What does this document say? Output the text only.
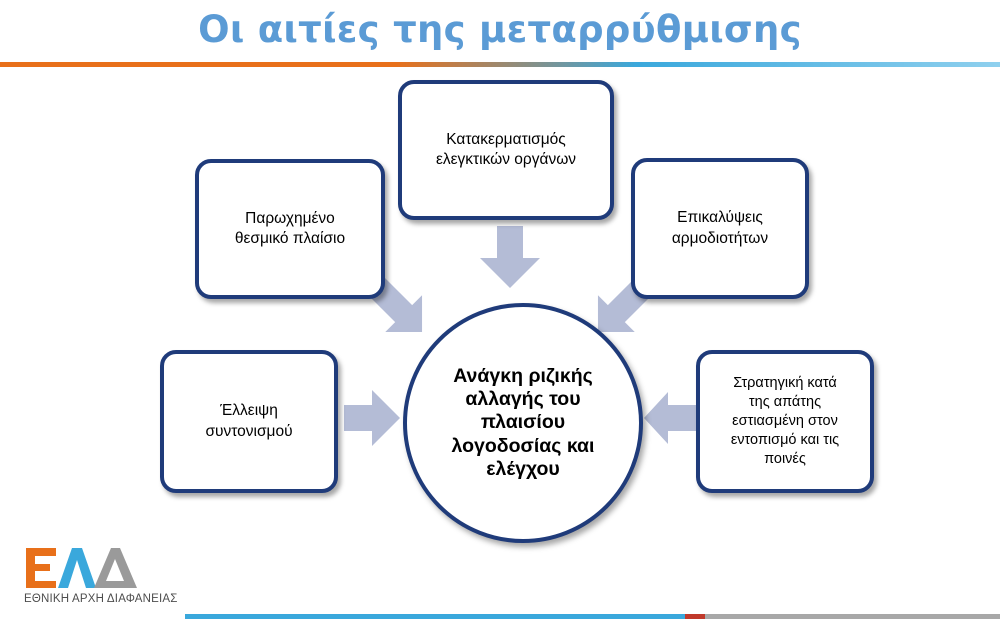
Οι αιτίες της μεταρρύθμισης
Κατακερματισμός
ελεγκτικών οργάνων
Παρωχημένο
θεσμικό πλαίσιο
Επικαλύψεις
αρμοδιοτήτων
Έλλειψη
συντονισμού
Στρατηγική κατά
της απάτης
εστιασμένη στον
εντοπισμό και τις
ποινές
Ανάγκη ριζικής αλλαγής του πλαισίου λογοδοσίας και ελέγχου
ΕΘΝΙΚΗ ΑΡΧΗ ΔΙΑΦΑΝΕΙΑΣ
